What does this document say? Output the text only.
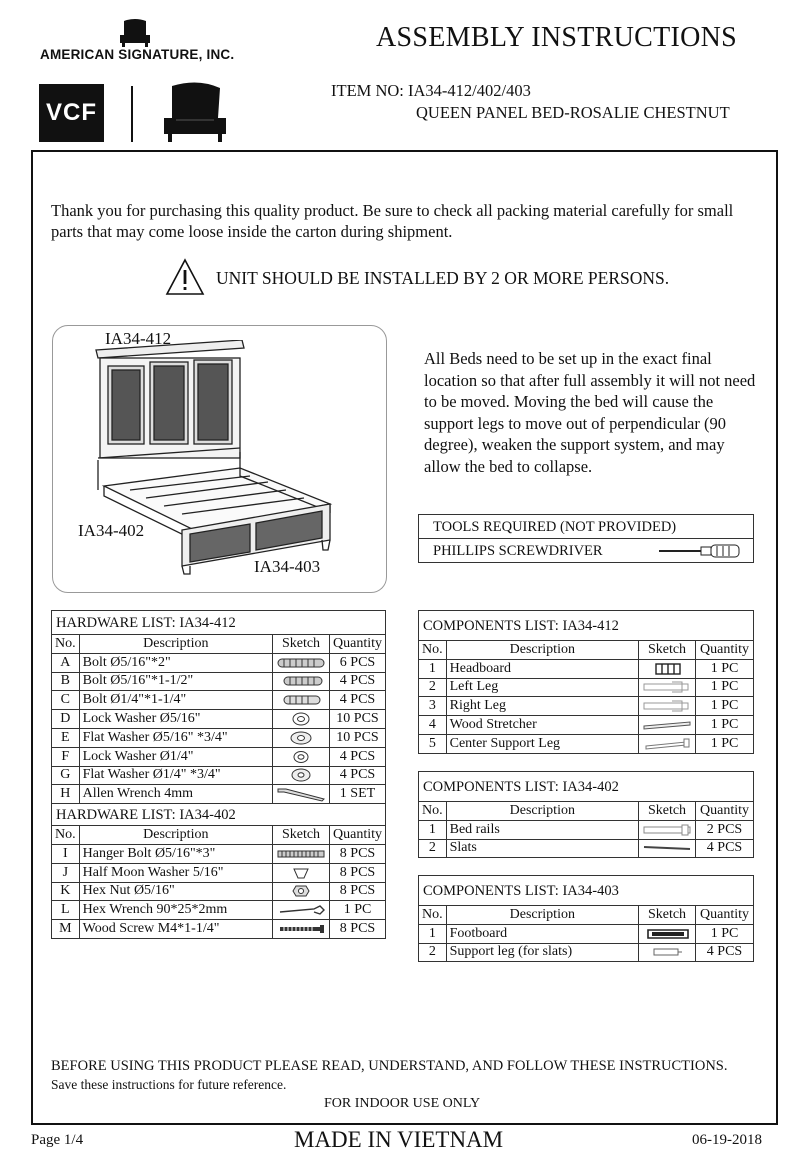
AMERICAN SIGNATURE, INC.
ASSEMBLY INSTRUCTIONS
VCF
ITEM NO: IA34-412/402/403
QUEEN PANEL BED-ROSALIE CHESTNUT
Thank you for purchasing this quality product. Be sure to check all packing material carefully for small parts that may come loose inside the carton during shipment.
UNIT SHOULD BE INSTALLED BY 2 OR MORE PERSONS.
IA34-412
IA34-402
IA34-403
All Beds need to be set up in the exact final location so that after full assembly it will not need to be moved. Moving the bed will cause the support legs to move out of perpendicular (90 degree), weaken the support system, and may allow the bed to collapse.
TOOLS REQUIRED (NOT PROVIDED)
PHILLIPS SCREWDRIVER
HARDWARE LIST: IA34-412			
No.	Description	Sketch	Quantity
A	Bolt Ø5/16"*2"		6 PCS
B	Bolt Ø5/16"*1-1/2"		4 PCS
C	Bolt Ø1/4"*1-1/4"		4 PCS
D	Lock Washer Ø5/16"		10 PCS
E	Flat Washer Ø5/16" *3/4"		10 PCS
F	Lock Washer Ø1/4"		4 PCS
G	Flat Washer Ø1/4" *3/4"		4 PCS
H	Allen Wrench 4mm		1 SET
HARDWARE LIST: IA34-402			
No.	Description	Sketch	Quantity
I	Hanger Bolt Ø5/16"*3"		8 PCS
J	Half Moon Washer 5/16"		8 PCS
K	Hex Nut Ø5/16"		8 PCS
L	Hex Wrench 90*25*2mm		1 PC
M	Wood Screw M4*1-1/4"		8 PCS
COMPONENTS LIST: IA34-412			
No.	Description	Sketch	Quantity
1	Headboard		1 PC
2	Left Leg		1 PC
3	Right Leg		1 PC
4	Wood Stretcher		1 PC
5	Center Support Leg		1 PC
COMPONENTS LIST: IA34-402			
No.	Description	Sketch	Quantity
1	Bed rails		2 PCS
2	Slats		4 PCS
COMPONENTS LIST: IA34-403			
No.	Description	Sketch	Quantity
1	Footboard		1 PC
2	Support leg (for slats)		4 PCS
BEFORE USING THIS PRODUCT PLEASE READ, UNDERSTAND, AND FOLLOW THESE INSTRUCTIONS.
Save these instructions for future reference.
FOR INDOOR USE ONLY
Page 1/4	MADE IN VIETNAM	06-19-2018
